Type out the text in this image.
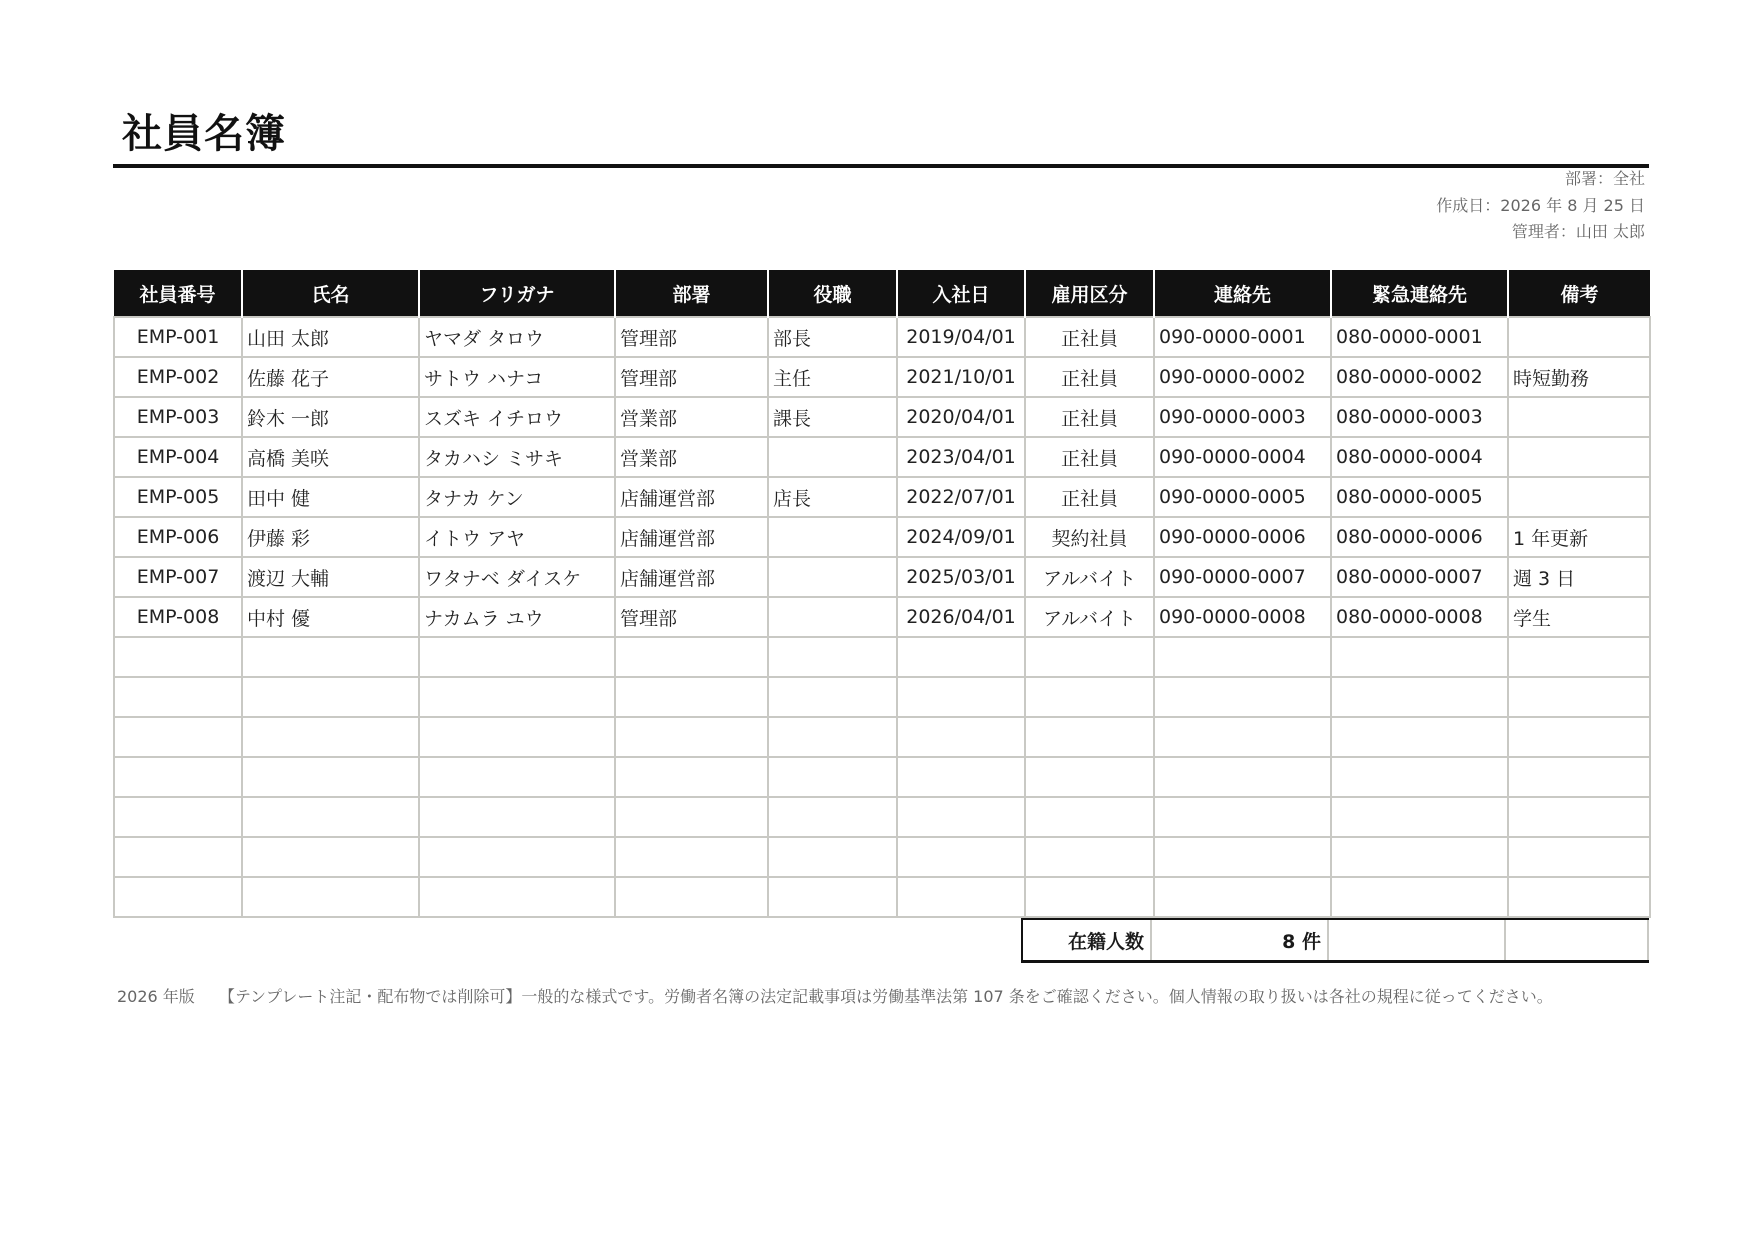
社員名簿
部署：全社
作成日：2026 年 8 月 25 日
管理者：山田 太郎
社員番号	氏名	フリガナ	部署	役職	入社日	雇用区分	連絡先	緊急連絡先	備考
EMP-001	山田 太郎	ヤマダ タロウ	管理部	部長	2019/04/01	正社員	090-0000-0001	080-0000-0001	
EMP-002	佐藤 花子	サトウ ハナコ	管理部	主任	2021/10/01	正社員	090-0000-0002	080-0000-0002	時短勤務
EMP-003	鈴木 一郎	スズキ イチロウ	営業部	課長	2020/04/01	正社員	090-0000-0003	080-0000-0003	
EMP-004	高橋 美咲	タカハシ ミサキ	営業部		2023/04/01	正社員	090-0000-0004	080-0000-0004	
EMP-005	田中 健	タナカ ケン	店舗運営部	店長	2022/07/01	正社員	090-0000-0005	080-0000-0005	
EMP-006	伊藤 彩	イトウ アヤ	店舗運営部		2024/09/01	契約社員	090-0000-0006	080-0000-0006	1 年更新
EMP-007	渡辺 大輔	ワタナベ ダイスケ	店舗運営部		2025/03/01	アルバイト	090-0000-0007	080-0000-0007	週 3 日
EMP-008	中村 優	ナカムラ ユウ	管理部		2026/04/01	アルバイト	090-0000-0008	080-0000-0008	学生

在籍人数	8 件
2026 年版 【テンプレート注記・配布物では削除可】一般的な様式です。労働者名簿の法定記載事項は労働基準法第 107 条をご確認ください。個人情報の取り扱いは各社の規程に従ってください。
